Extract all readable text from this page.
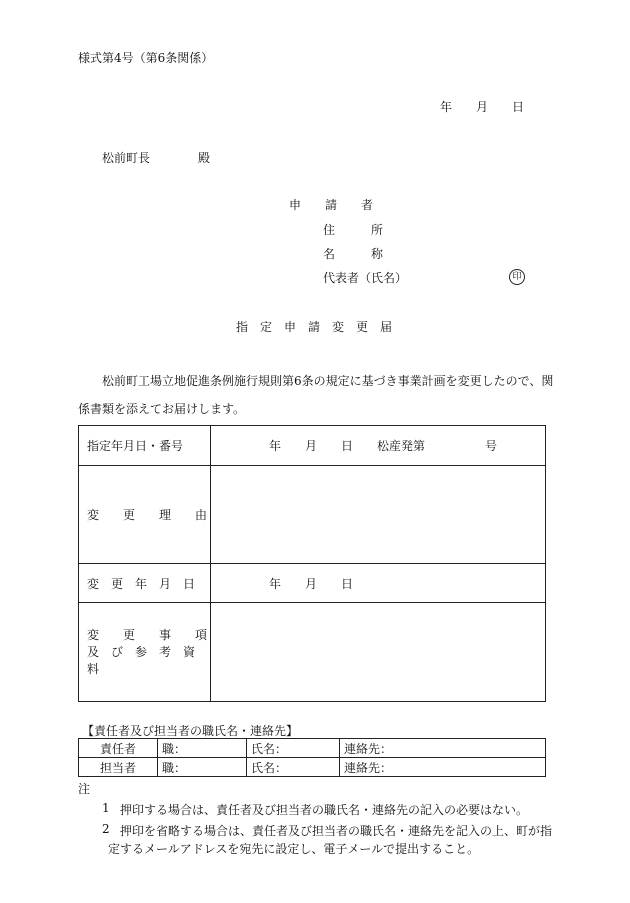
様式第4号（第6条関係）
年　　月　　日
松前町長　　　　殿
申　　請　　者
住　　　所
名　　　称
代表者（氏名）	印
指　定　申　請　変　更　届
松前町工場立地促進条例施行規則第6条の規定に基づき事業計画を変更したので、関
係書類を添えてお届けします。
指定年月日・番号	年　　月　　日　　松産発第　　　　　号
変　　更　　理　　由	
変　更　年　月　日	年　　月　　日

変　　更　　事　　項
及　び　参　考　資　料	

【責任者及び担当者の職氏名・連絡先】
責任者	職：	氏名：	連絡先：
担当者	職：	氏名：	連絡先：
注
1 押印する場合は、責任者及び担当者の職氏名・連絡先の記入の必要はない。
2 押印を省略する場合は、責任者及び担当者の職氏名・連絡先を記入の上、町が指
定するメールアドレスを宛先に設定し、電子メールで提出すること。
